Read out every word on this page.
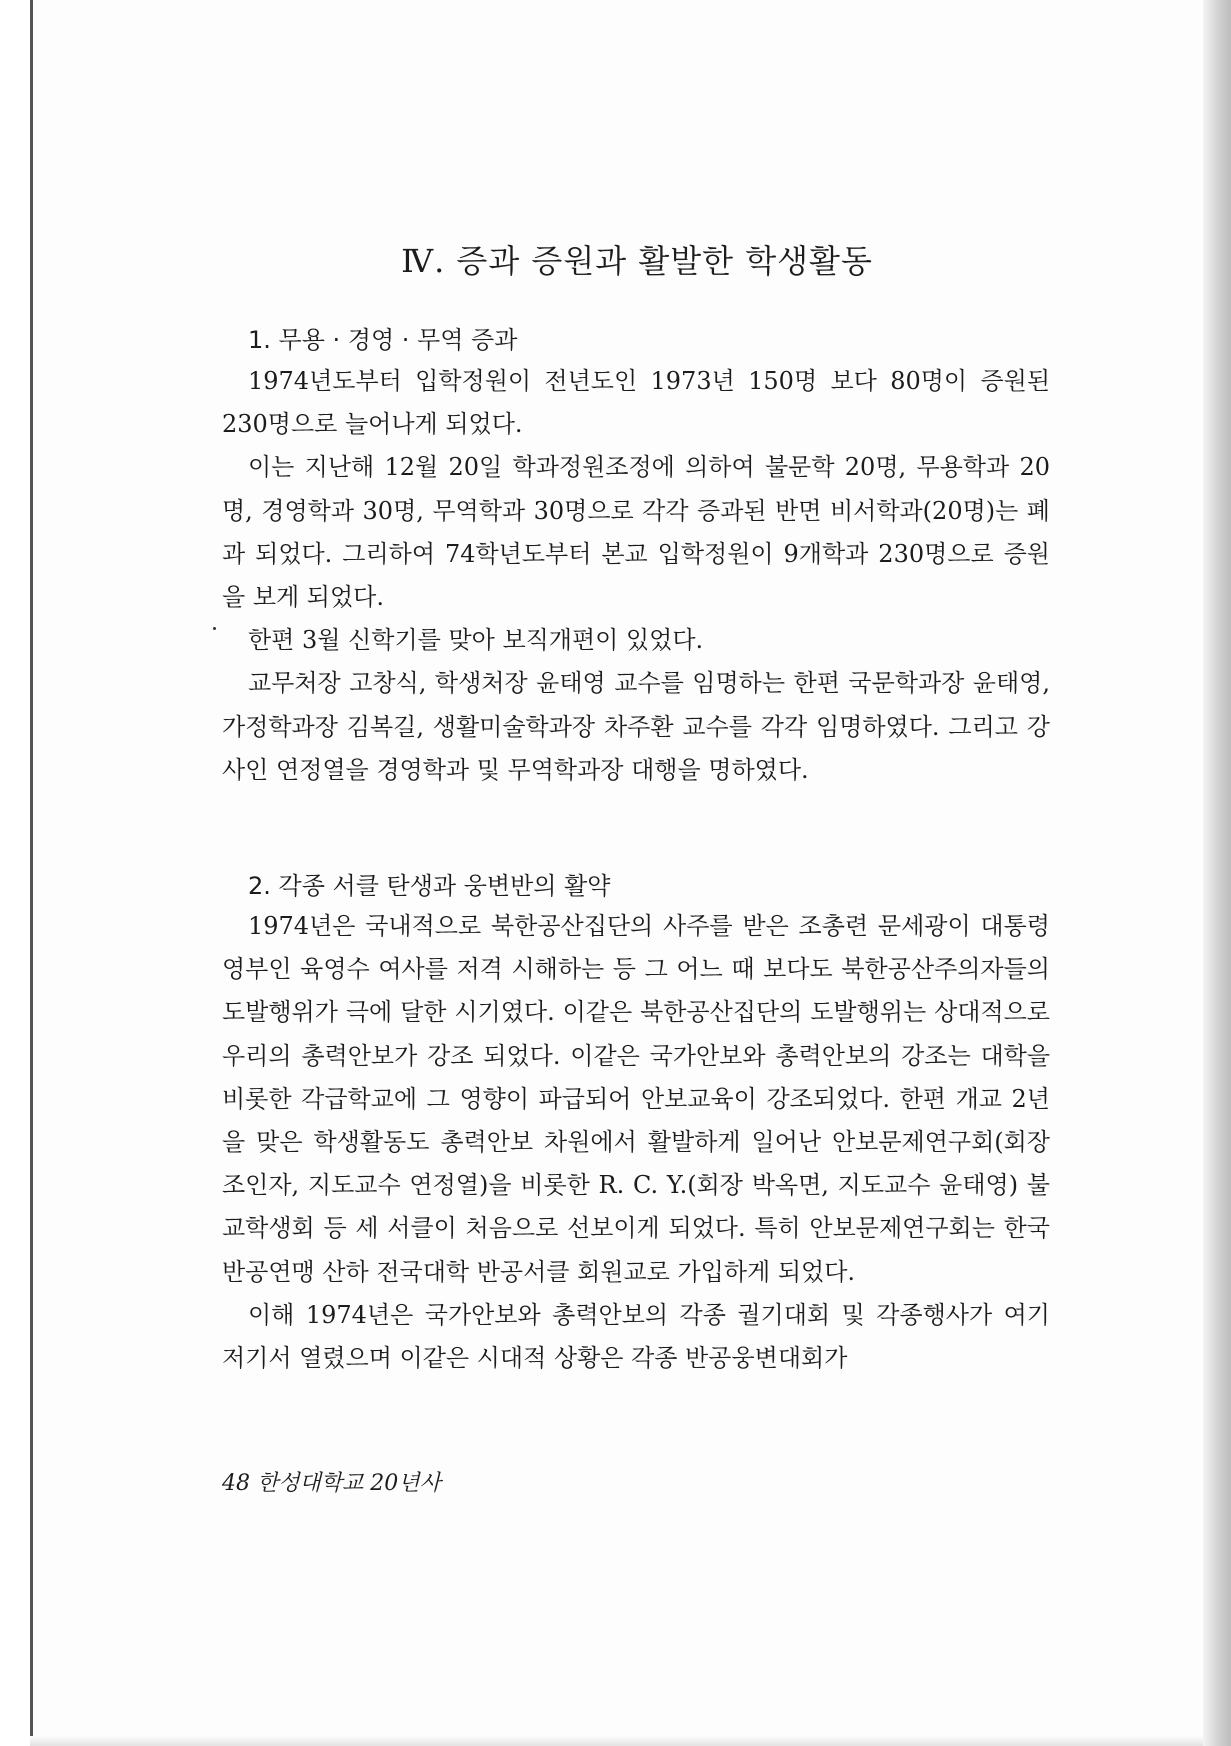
Ⅳ. 증과 증원과 활발한 학생활동
1. 무용 · 경영 · 무역 증과

1974년도부터 입학정원이 전년도인 1973년 150명 보다 80명이 증원된 230명으로 늘어나게 되었다.

이는 지난해 12월 20일 학과정원조정에 의하여 불문학 20명, 무용학과 20명, 경영학과 30명, 무역학과 30명으로 각각 증과된 반면 비서학과(20명)는 폐과 되었다. 그리하여 74학년도부터 본교 입학정원이 9개학과 230명으로 증원을 보게 되었다.

한편 3월 신학기를 맞아 보직개편이 있었다.

교무처장 고창식, 학생처장 윤태영 교수를 임명하는 한편 국문학과장 윤태영, 가정학과장 김복길, 생활미술학과장 차주환 교수를 각각 임명하였다. 그리고 강사인 연정열을 경영학과 및 무역학과장 대행을 명하였다.

2. 각종 서클 탄생과 웅변반의 활약

1974년은 국내적으로 북한공산집단의 사주를 받은 조총련 문세광이 대통령 영부인 육영수 여사를 저격 시해하는 등 그 어느 때 보다도 북한공산주의자들의 도발행위가 극에 달한 시기였다. 이같은 북한공산집단의 도발행위는 상대적으로 우리의 총력안보가 강조 되었다. 이같은 국가안보와 총력안보의 강조는 대학을 비롯한 각급학교에 그 영향이 파급되어 안보교육이 강조되었다. 한편 개교 2년을 맞은 학생활동도 총력안보 차원에서 활발하게 일어난 안보문제연구회(회장 조인자, 지도교수 연정열)을 비롯한 R. C. Y.(회장 박옥면, 지도교수 윤태영) 불교학생회 등 세 서클이 처음으로 선보이게 되었다. 특히 안보문제연구회는 한국반공연맹 산하 전국대학 반공서클 회원교로 가입하게 되었다.

이해 1974년은 국가안보와 총력안보의 각종 궐기대회 및 각종행사가 여기 저기서 열렸으며 이같은 시대적 상황은 각종 반공웅변대회가

48 한성대학교 20년사
